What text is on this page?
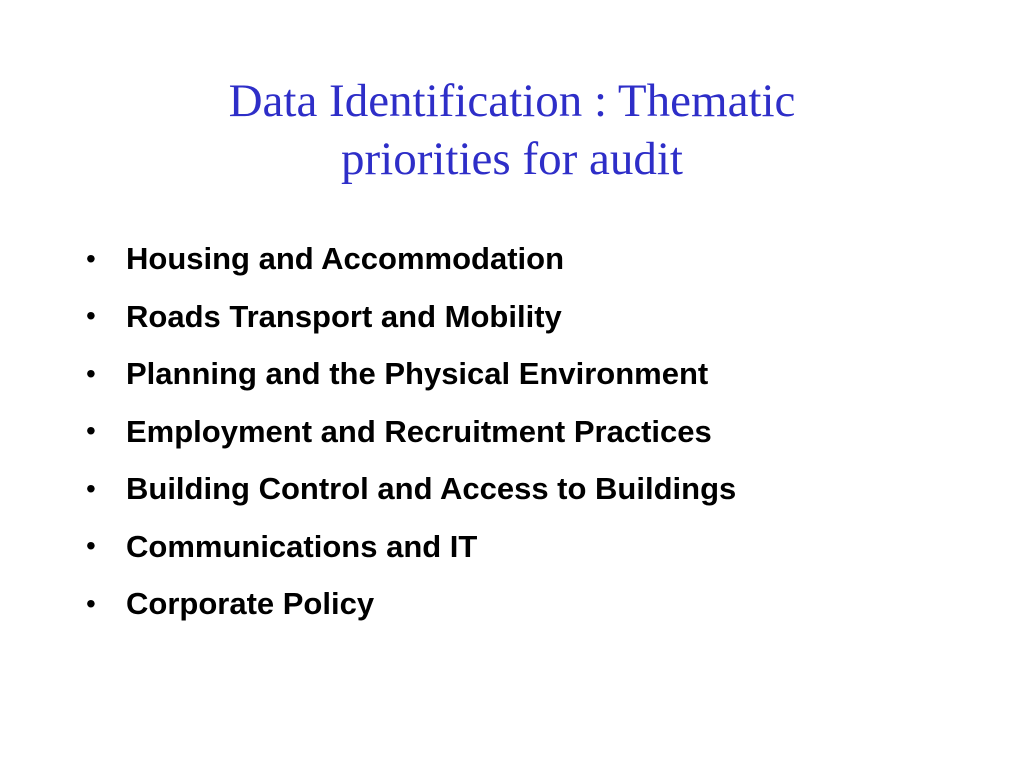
Data Identification : Thematic
priorities for audit
• Housing and Accommodation
• Roads Transport and Mobility
• Planning and the Physical Environment
• Employment and Recruitment Practices
• Building Control and Access to Buildings
• Communications and IT
• Corporate Policy
